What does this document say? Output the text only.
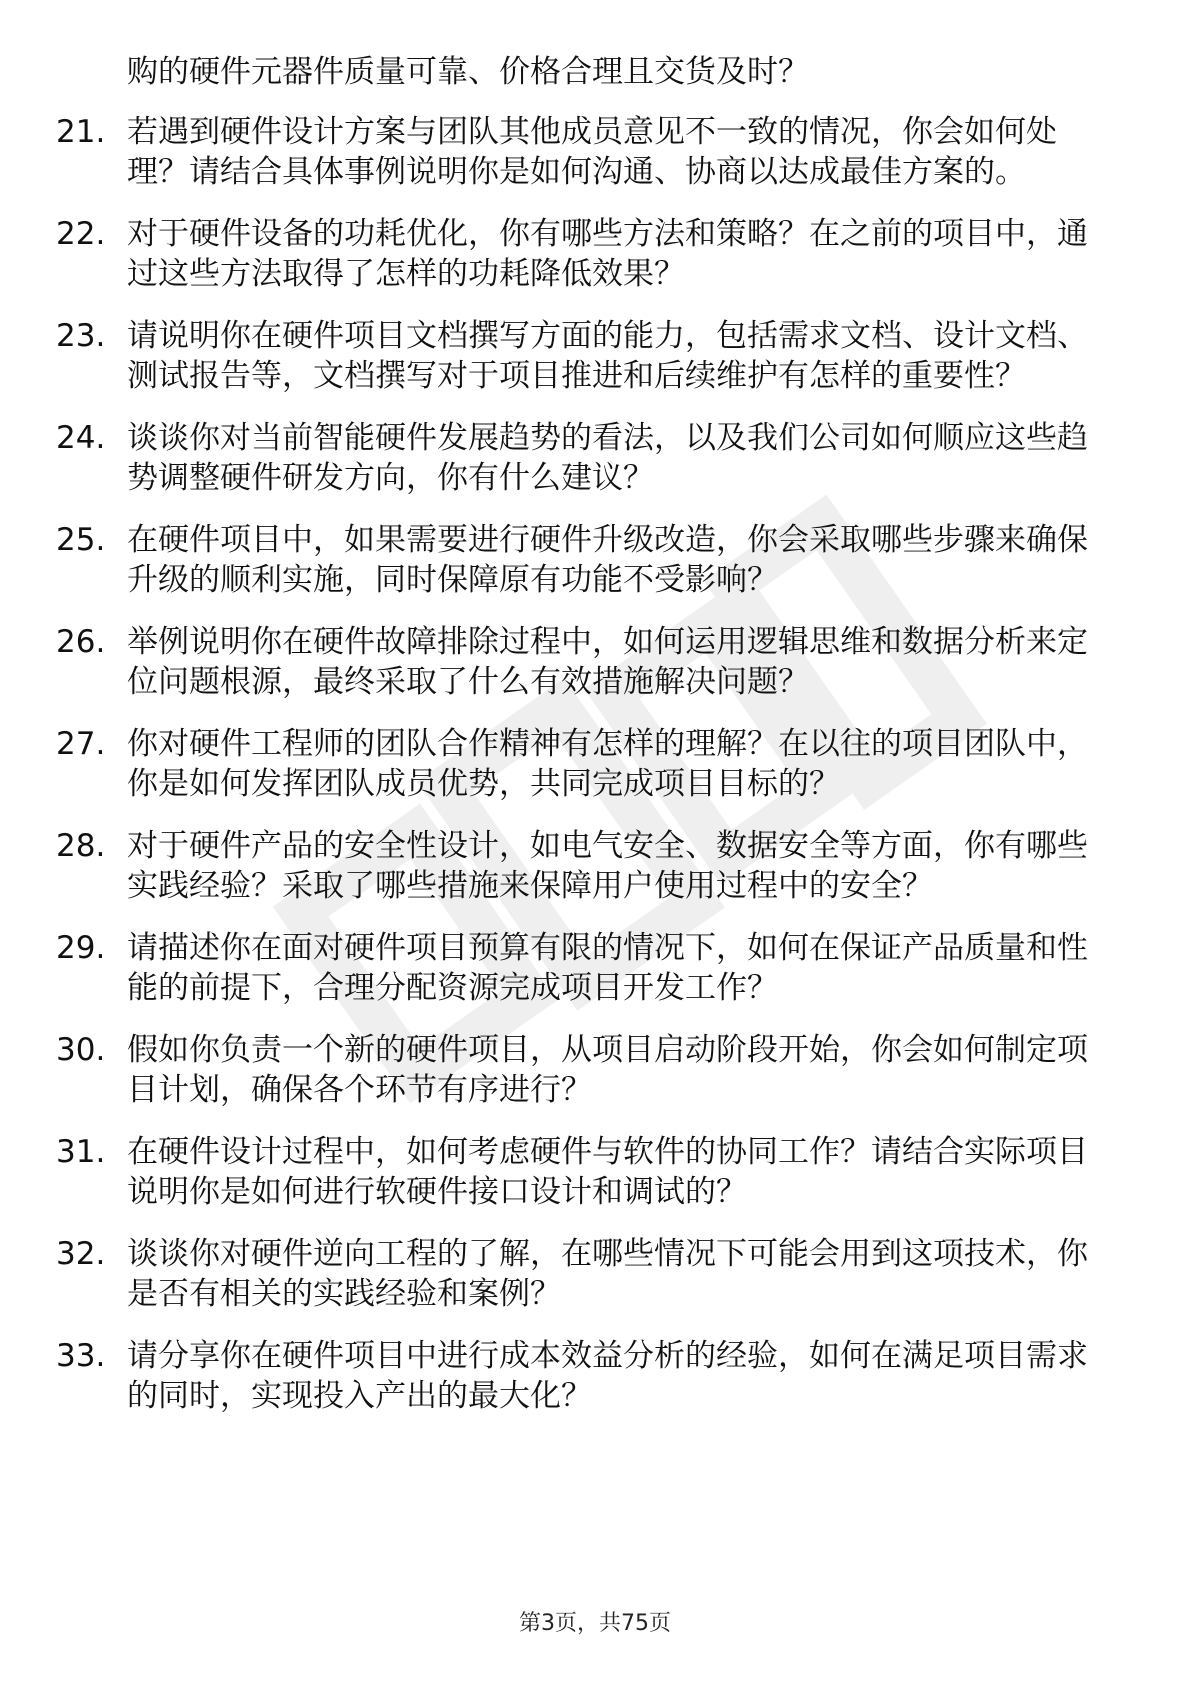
购的硬件元器件质量可靠、价格合理且交货及时？

21. 若遇到硬件设计方案与团队其他成员意见不一致的情况，你会如何处理？请结合具体事例说明你是如何沟通、协商以达成最佳方案的。
22. 对于硬件设备的功耗优化，你有哪些方法和策略？在之前的项目中，通过这些方法取得了怎样的功耗降低效果？
23. 请说明你在硬件项目文档撰写方面的能力，包括需求文档、设计文档、测试报告等，文档撰写对于项目推进和后续维护有怎样的重要性？
24. 谈谈你对当前智能硬件发展趋势的看法，以及我们公司如何顺应这些趋势调整硬件研发方向，你有什么建议？
25. 在硬件项目中，如果需要进行硬件升级改造，你会采取哪些步骤来确保升级的顺利实施，同时保障原有功能不受影响？
26. 举例说明你在硬件故障排除过程中，如何运用逻辑思维和数据分析来定位问题根源，最终采取了什么有效措施解决问题？
27. 你对硬件工程师的团队合作精神有怎样的理解？在以往的项目团队中，你是如何发挥团队成员优势，共同完成项目目标的？
28. 对于硬件产品的安全性设计，如电气安全、数据安全等方面，你有哪些实践经验？采取了哪些措施来保障用户使用过程中的安全？
29. 请描述你在面对硬件项目预算有限的情况下，如何在保证产品质量和性能的前提下，合理分配资源完成项目开发工作？
30. 假如你负责一个新的硬件项目，从项目启动阶段开始，你会如何制定项目计划，确保各个环节有序进行？
31. 在硬件设计过程中，如何考虑硬件与软件的协同工作？请结合实际项目说明你是如何进行软硬件接口设计和调试的？
32. 谈谈你对硬件逆向工程的了解，在哪些情况下可能会用到这项技术，你是否有相关的实践经验和案例？
33. 请分享你在硬件项目中进行成本效益分析的经验，如何在满足项目需求的同时，实现投入产出的最大化？
第3页，共75页
